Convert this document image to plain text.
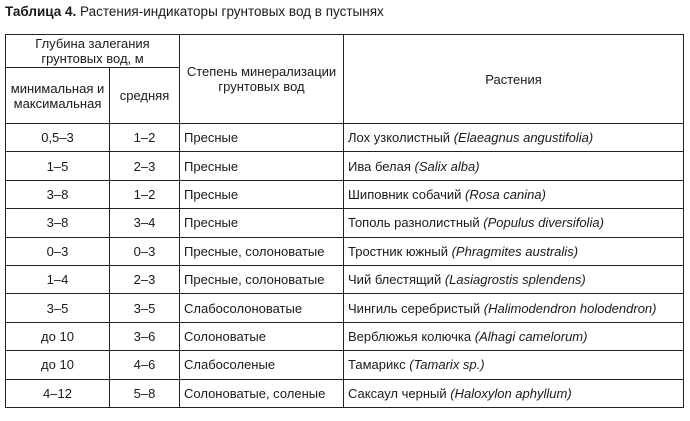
Таблица 4. Растения-индикаторы грунтовых вод в пустынях
Глубина залегания грунтовых вод, м		Степень минерализации грунтовых вод	Растения
минимальная и максимальная	средняя		
0,5–3	1–2	Пресные	Лох узколистный (Elaeagnus angustifolia)
1–5	2–3	Пресные	Ива белая (Salix alba)
3–8	1–2	Пресные	Шиповник собачий (Rosa canina)
3–8	3–4	Пресные	Тополь разнолистный (Populus diversifolia)
0–3	0–3	Пресные, солоноватые	Тростник южный (Phragmites australis)
1–4	2–3	Пресные, солоноватые	Чий блестящий (Lasiagrostis splendens)
3–5	3–5	Слабосолоноватые	Чингиль серебристый (Halimodendron holodendron)
до 10	3–6	Солоноватые	Верблюжья колючка (Alhagi camelorum)
до 10	4–6	Слабосоленые	Тамарикс (Tamarix sp.)
4–12	5–8	Солоноватые, соленые	Саксаул черный (Haloxylon aphyllum)
